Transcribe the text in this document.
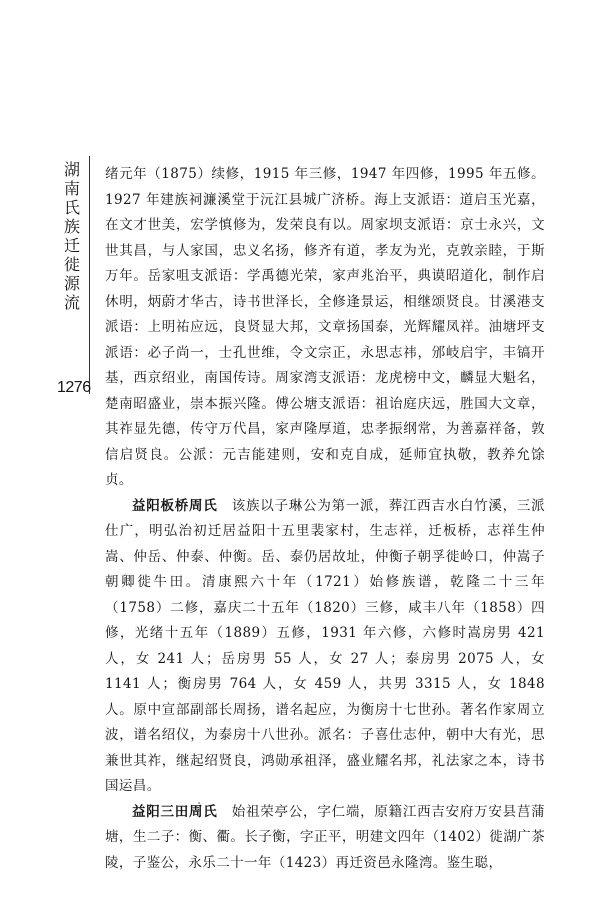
湖南氏族迁徙源流
1276

绪元年（1875）续修，1915 年三修，1947 年四修，1995 年五修。1927 年建族祠濂溪堂于沅江县城广济桥。海上支派语：道启玉光嘉，在文才世美，宏学慎修为，发荣良有以。周家坝支派语：京士永兴，文世其昌，与人家国，忠义名扬，修齐有道，孝友为光，克敦亲睦，于斯万年。岳家咀支派语：学禹德光荣，家声兆治平，典谟昭道化，制作启休明，炳蔚才华古，诗书世泽长，全修逢景运，相继颂贤良。甘溪港支派语：上明祐应远，良贤显大邦，文章扬国泰，光辉耀凤祥。油塘坪支派语：必子尚一，士孔世维，令文宗正，永思志祎，邠岐启宇，丰镐开基，西京绍业，南国传诗。周家湾支派语：龙虎榜中文，麟显大魁名，楚南昭盛业，崇本振兴隆。傅公塘支派语：祖诒庭庆远，胜国大文章，其祚显先德，传守万代昌，家声隆厚道，忠孝振纲常，为善嘉祥备，敦信启贤良。公派：元吉能建则，安和克自成，延师宜执敬，教养允馀贞。

益阳板桥周氏　 该族以子琳公为第一派，葬江西吉水白竹溪，三派仕广，明弘治初迁居益阳十五里裴家村，生志祥，迁板桥，志祥生仲嵩、仲岳、仲泰、仲衡。岳、泰仍居故址，仲衡子朝孚徙岭口，仲嵩子朝卿徙牛田。清康熙六十年（1721）始修族谱，乾隆二十三年（1758）二修，嘉庆二十五年（1820）三修，咸丰八年（1858）四修，光绪十五年（1889）五修，1931 年六修，六修时嵩房男 421 人，女 241 人；岳房男 55 人，女 27 人；泰房男 2075 人，女 1141 人；衡房男 764 人，女 459 人，共男 3315 人，女 1848 人。原中宣部副部长周扬，谱名起应，为衡房十七世孙。著名作家周立波，谱名绍仪，为泰房十八世孙。派名：子喜仕志仲，朝中大有光，思兼世其祚，继起绍贤良，鸿勋承祖泽，盛业耀名邦，礼法家之本，诗书国运昌。

益阳三田周氏　 始祖荣亭公，字仁端，原籍江西吉安府万安县莒蒲塘，生二子：衡、衢。长子衡，字正平，明建文四年（1402）徙湖广茶陵，子鉴公，永乐二十一年（1423）再迁资邑永隆湾。鉴生聪，
